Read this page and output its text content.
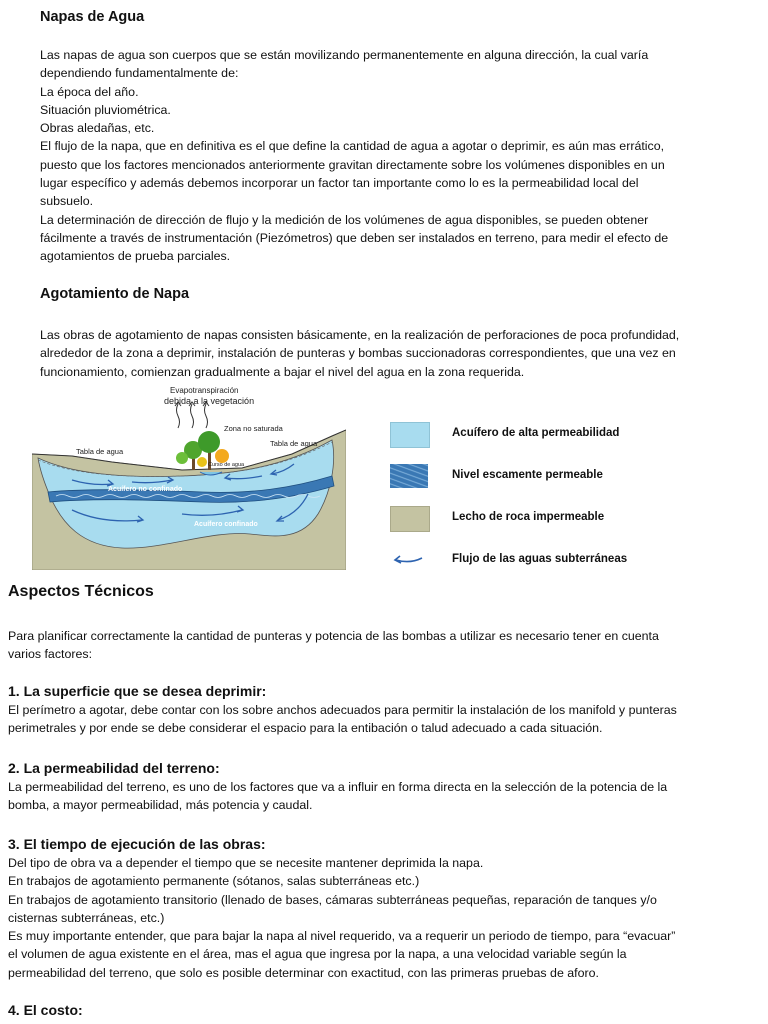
Napas de Agua
Las napas de agua son cuerpos que se están movilizando permanentemente en alguna dirección, la cual varía
dependiendo fundamentalmente de:
La época del año.
Situación pluviométrica.
Obras aledañas, etc.
El flujo de la napa, que en definitiva es el que define la cantidad de agua a agotar o deprimir, es aún mas errático,
puesto que los factores mencionados anteriormente gravitan directamente sobre los volúmenes disponibles en un
lugar específico y además debemos incorporar un factor tan importante como lo es la permeabilidad local del
subsuelo.
La determinación de dirección de flujo y la medición de los volúmenes de agua disponibles, se pueden obtener
fácilmente a través de instrumentación (Piezómetros) que deben ser instalados en terreno, para medir el efecto de
agotamientos de prueba parciales.
Agotamiento de Napa
Las obras de agotamiento de napas consisten básicamente, en la realización de perforaciones de poca profundidad,
alrededor de la zona a deprimir, instalación de punteras y bombas succionadoras correspondientes, que una vez en
funcionamiento, comienzan gradualmente a bajar el nivel del agua en la zona requerida.
Evapotranspiración
debida a la vegetación
Zona no saturada
Tabla de agua
Tabla de agua
Curso de agua
Acuífero no confinado
Acuífero confinado
Acuífero de alta permeabilidad
Nivel escamente permeable
Lecho de roca impermeable
Flujo de las aguas subterráneas
Aspectos Técnicos
Para planificar correctamente la cantidad de punteras y potencia de las bombas a utilizar es necesario tener en cuenta
varios factores:
1. La superficie que se desea deprimir:
El perímetro a agotar, debe contar con los sobre anchos adecuados para permitir la instalación de los manifold y punteras
perimetrales y por ende se debe considerar el espacio para la entibación o talud adecuado a cada situación.
2. La permeabilidad del terreno:
La permeabilidad del terreno, es uno de los factores que va a influir en forma directa en la selección de la potencia de la
bomba, a mayor permeabilidad, más potencia y caudal.
3. El tiempo de ejecución de las obras:
Del tipo de obra va a depender el tiempo que se necesite mantener deprimida la napa.
En trabajos de agotamiento permanente (sótanos, salas subterráneas etc.)
En trabajos de agotamiento transitorio (llenado de bases, cámaras subterráneas pequeñas, reparación de tanques y/o
cisternas subterráneas, etc.)
Es muy importante entender, que para bajar la napa al nivel requerido, va a requerir un periodo de tiempo, para “evacuar”
el volumen de agua existente en el área, mas el agua que ingresa por la napa, a una velocidad variable según la
permeabilidad del terreno, que solo es posible determinar con exactitud, con las primeras pruebas de aforo.
4. El costo:
